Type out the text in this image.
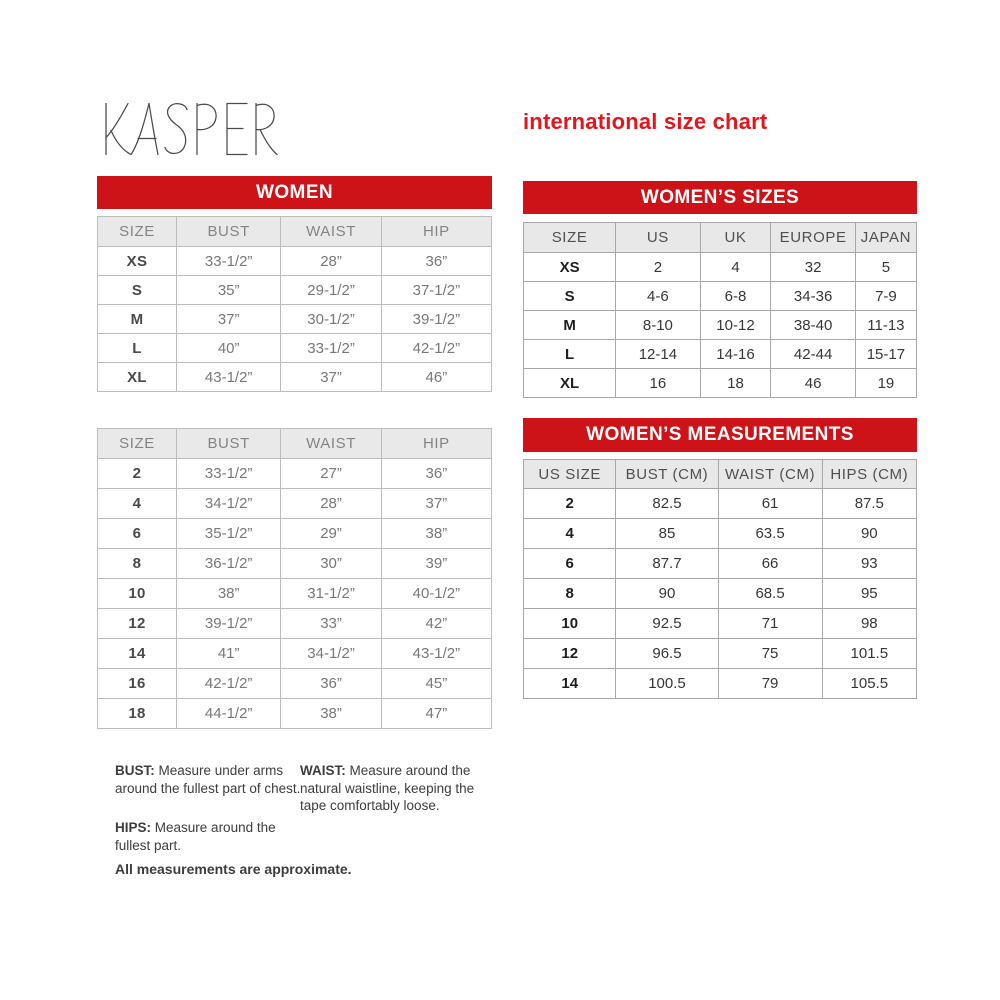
international size chart
WOMEN
SIZE	BUST	WAIST	HIP
XS	33-1/2”	28”	36”
S	35”	29-1/2”	37-1/2”
M	37”	30-1/2”	39-1/2”
L	40”	33-1/2”	42-1/2”
XL	43-1/2”	37”	46”
SIZE	BUST	WAIST	HIP
2	33-1/2”	27”	36”
4	34-1/2”	28”	37”
6	35-1/2”	29”	38”
8	36-1/2”	30”	39”
10	38”	31-1/2”	40-1/2”
12	39-1/2”	33”	42”
14	41”	34-1/2”	43-1/2”
16	42-1/2”	36”	45”
18	44-1/2”	38”	47”
WOMEN’S SIZES
SIZE	US	UK	EUROPE	JAPAN
XS	2	4	32	5
S	4-6	6-8	34-36	7-9
M	8-10	10-12	38-40	11-13
L	12-14	14-16	42-44	15-17
XL	16	18	46	19
WOMEN’S MEASUREMENTS
US SIZE	BUST (CM)	WAIST (CM)	HIPS (CM)
2	82.5	61	87.5
4	85	63.5	90
6	87.7	66	93
8	90	68.5	95
10	92.5	71	98
12	96.5	75	101.5
14	100.5	79	105.5
BUST: Measure under arms around the fullest part of chest.
WAIST: Measure around the natural waistline, keeping the tape comfortably loose.
HIPS: Measure around the fullest part.
All measurements are approximate.
